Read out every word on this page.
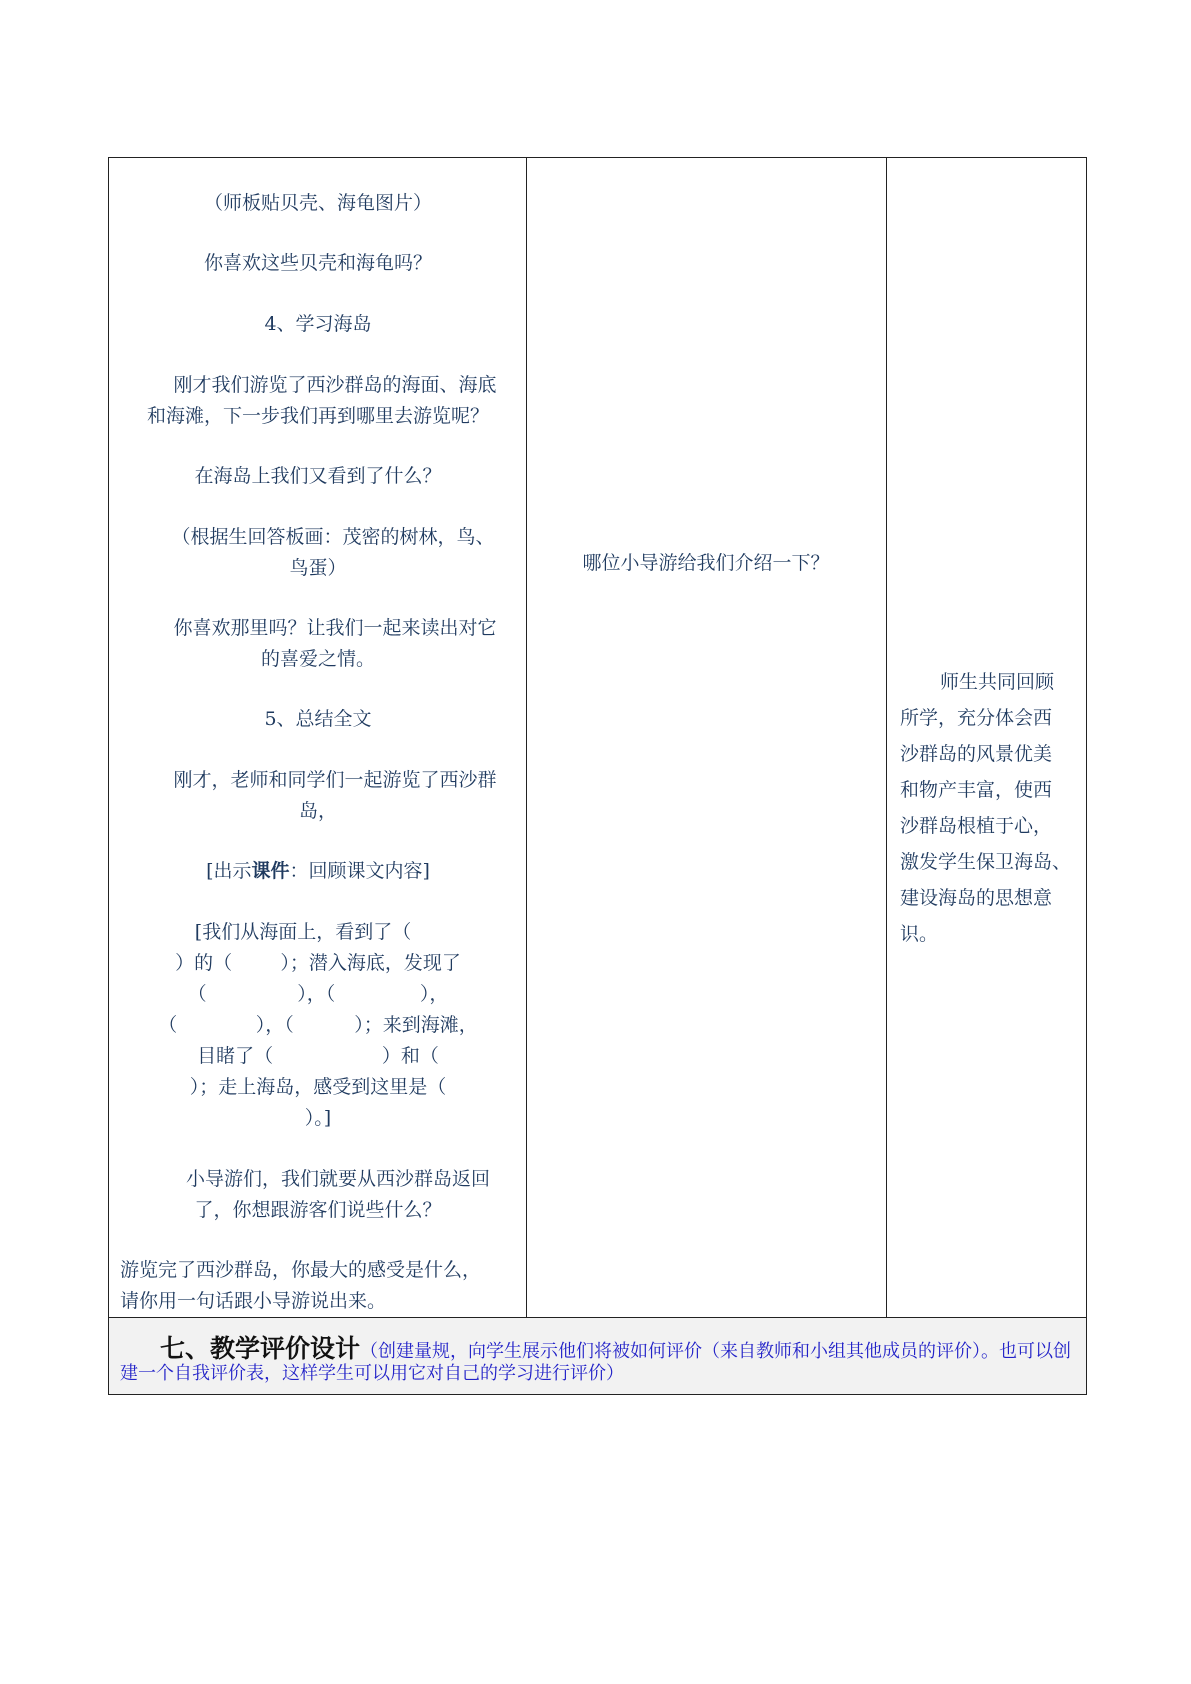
（师板贴贝壳、海龟图片）
你喜欢这些贝壳和海龟吗？
4、学习海岛
刚才我们游览了西沙群岛的海面、海底
和海滩，下一步我们再到哪里去游览呢？
在海岛上我们又看到了什么？
（根据生回答板画：茂密的树林，鸟、
鸟蛋）
你喜欢那里吗？让我们一起来读出对它
的喜爱之情。
5、总结全文
刚才，老师和同学们一起游览了西沙群
岛，
[出示课件：回顾课文内容]
[我们从海面上，看到了（
）的（        ）；潜入海底，发现了
（               ），（              ），
（             ），（          ）；来到海滩，
目睹了（                  ）和（
）；走上海岛，感受到这里是（
）。]
小导游们，我们就要从西沙群岛返回
了，你想跟游客们说些什么？
游览完了西沙群岛，你最大的感受是什么，
请你用一句话跟小导游说出来。
哪位小导游给我们介绍一下？
师生共同回顾
所学，充分体会西
沙群岛的风景优美
和物产丰富，使西
沙群岛根植于心，
激发学生保卫海岛、
建设海岛的思想意
识。
七、教学评价设计（创建量规，向学生展示他们将被如何评价（来自教师和小组其他成员的评价）。也可以创
建一个自我评价表，这样学生可以用它对自己的学习进行评价）
